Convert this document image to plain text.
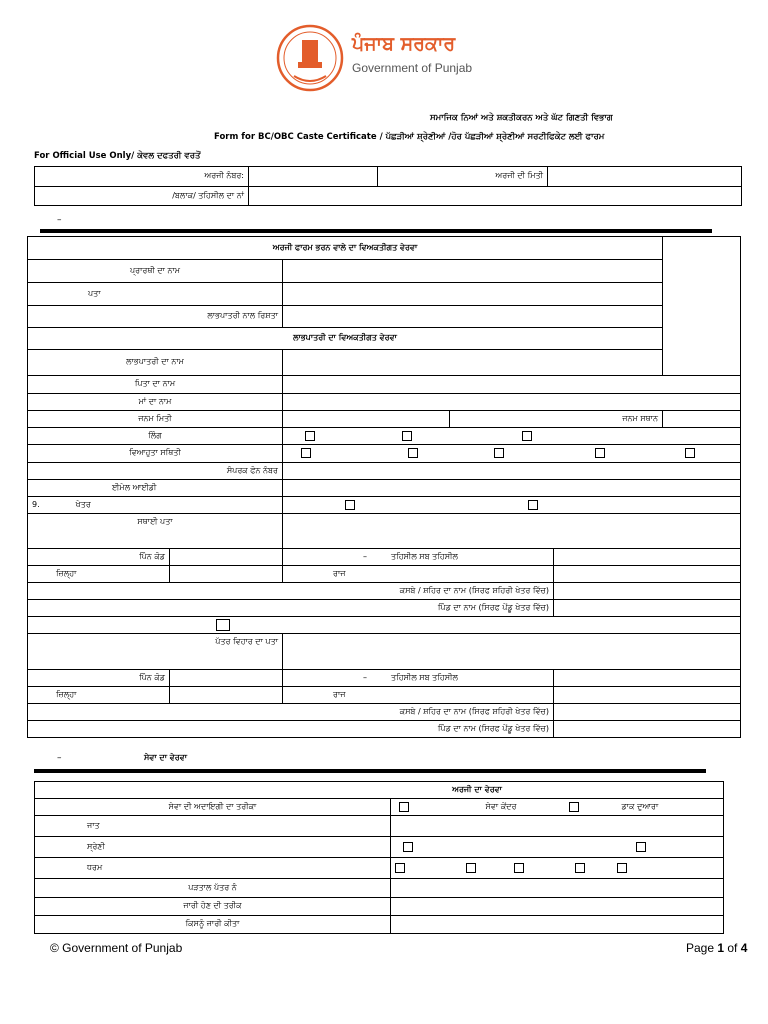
ਪੰਜਾਬ ਸਰਕਾਰ
Government of Punjab
ਸਮਾਜਿਕ ਨਿਆਂ ਅਤੇ ਸ਼ਕਤੀਕਰਨ ਅਤੇ ਘੱਟ ਗਿਣਤੀ ਵਿਭਾਗ
Form for BC/OBC Caste Certificate / ਪੱਛੜੀਆਂ ਸ਼੍ਰੇਣੀਆਂ /ਹੋਰ ਪੱਛੜੀਆਂ ਸ਼੍ਰੇਣੀਆਂ ਸਰਟੀਫਿਕੇਟ ਲਈ ਫਾਰਮ
For Official Use Only/ ਕੇਵਲ ਦਫਤਰੀ ਵਰਤੋਂ
ਅਰਜੀ ਨੰਬਰ:		ਅਰਜੀ ਦੀ ਮਿਤੀ	
/ਬਲਾਕ/ ਤਹਿਸੀਲ ਦਾ ਨਾਂ			
–
ਅਰਜੀ ਫਾਰਮ ਭਰਨ ਵਾਲੇ ਦਾ ਵਿਅਕਤੀਗਤ ਵੇਰਵਾ					
ਪ੍ਰਾਰਥੀ ਦਾ ਨਾਮ					
ਪਤਾ					
ਲਾਭਪਾਤਰੀ ਨਾਲ ਰਿਸ਼ਤਾ					
ਲਾਭਪਾਤਰੀ ਦਾ ਵਿਅਕਤੀਗਤ ਵੇਰਵਾ					
ਲਾਭਪਾਤਰੀ ਦਾ ਨਾਮ					
ਪਿਤਾ ਦਾ ਨਾਮ					
ਮਾਂ ਦਾ ਨਾਮ					
ਜਨਮ ਮਿਤੀ			ਜਨਮ ਸਥਾਨ		
ਲਿੰਗ					
ਵਿਆਹੁਤਾ ਸਥਿਤੀ					
ਸੰਪਰਕ ਫੋਨ ਨੰਬਰ					
ਈਮੇਲ ਆਈਡੀ					
9. ਖੇਤਰ					
ਸਥਾਈ ਪਤਾ					
ਪਿੰਨ ਕੋਡ		– ਤਹਿਸੀਲ ਸਬ ਤਹਿਸੀਲ			
ਜ਼ਿਲ੍ਹਾ		ਰਾਜ			
ਕਸਬੇ / ਸ਼ਹਿਰ ਦਾ ਨਾਮ (ਸਿਰਫ ਸ਼ਹਿਰੀ ਖੇਤਰ ਵਿੱਚ)					
ਪਿੰਡ ਦਾ ਨਾਮ (ਸਿਰਫ ਪੇਂਡੂ ਖੇਤਰ ਵਿੱਚ)					

ਪੱਤਰ ਵਿਹਾਰ ਦਾ ਪਤਾ					
ਪਿੰਨ ਕੋਡ		– ਤਹਿਸੀਲ ਸਬ ਤਹਿਸੀਲ			
ਜ਼ਿਲ੍ਹਾ		ਰਾਜ			
ਕਸਬੇ / ਸ਼ਹਿਰ ਦਾ ਨਾਮ (ਸਿਰਫ ਸ਼ਹਿਰੀ ਖੇਤਰ ਵਿੱਚ)					
ਪਿੰਡ ਦਾ ਨਾਮ (ਸਿਰਫ ਪੇਂਡੂ ਖੇਤਰ ਵਿੱਚ)					
–	ਸੇਵਾ ਦਾ ਵੇਰਵਾ
ਅਰਜੀ ਦਾ ਵੇਰਵਾ	
ਸੇਵਾ ਦੀ ਅਦਾਇਗੀ ਦਾ ਤਰੀਕਾ	ਸੇਵਾ ਕੇਂਦਰ ਡਾਕ ਦੁਆਰਾ
ਜਾਤ	
ਸ੍ਰੇਣੀ	
ਧਰਮ	
ਪੜਤਾਲ ਪੱਤਰ ਨੰ	
ਜਾਰੀ ਹੋਣ ਦੀ ਤਰੀਕ	
ਕਿਸਨੂੰ ਜਾਰੀ ਕੀਤਾ	
© Government of Punjab	Page 1 of 4
